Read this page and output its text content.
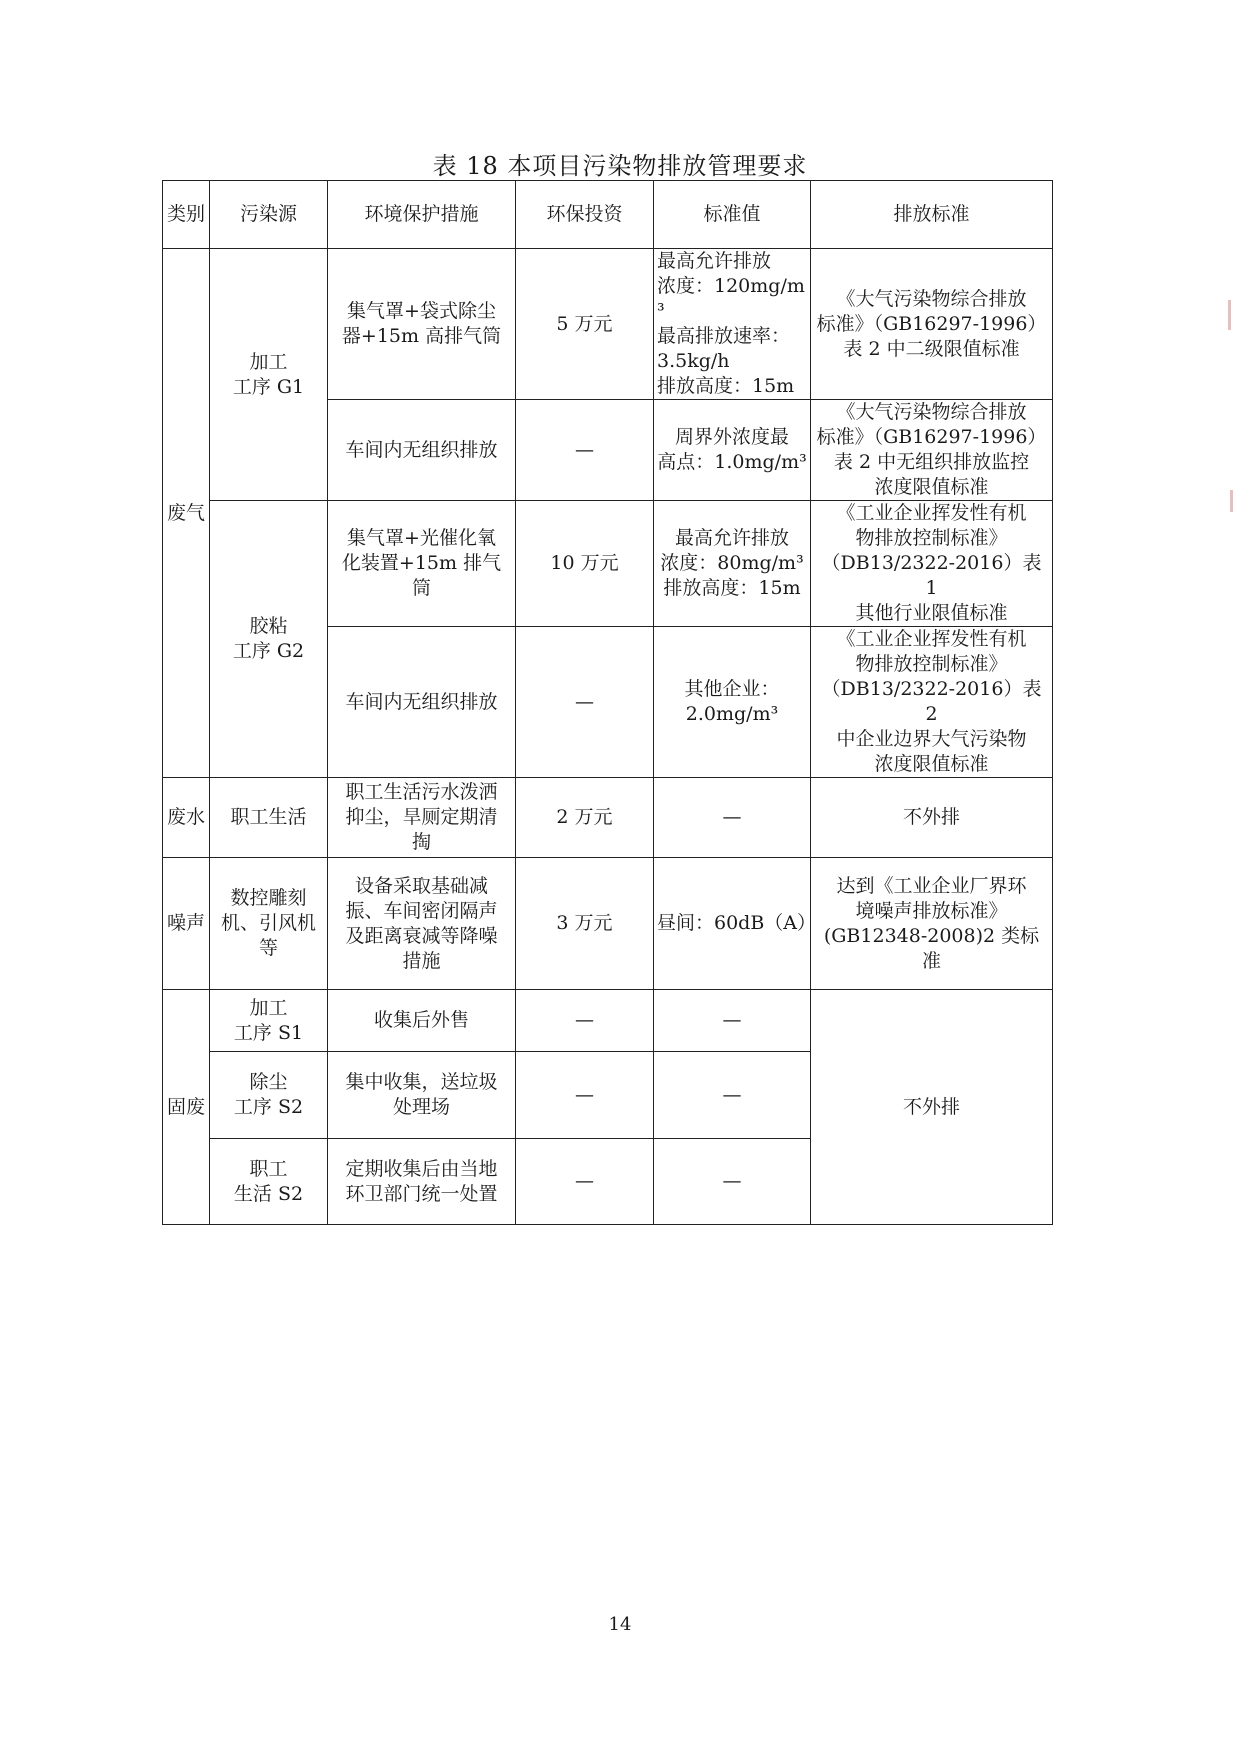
表 18 本项目污染物排放管理要求
类别	污染源	环境保护措施	环保投资	标准值	排放标准
废气	加工
工序 G1	集气罩+袋式除尘
器+15m 高排气筒	5 万元	最高允许排放
浓度：120mg/m³
最高排放速率：
3.5kg/h
排放高度：15m	《大气污染物综合排放
标准》（GB16297-1996）
表 2 中二级限值标准

		车间内无组织排放	—	周界外浓度最
高点：1.0mg/m³	《大气污染物综合排放
标准》（GB16297-1996）
表 2 中无组织排放监控
浓度限值标准

	胶粘
工序 G2	集气罩+光催化氧
化装置+15m 排气
筒	10 万元	最高允许排放
浓度：80mg/m³
排放高度：15m	《工业企业挥发性有机
物排放控制标准》
（DB13/2322-2016）表 1
其他行业限值标准

		车间内无组织排放	—	其他企业：
2.0mg/m³	《工业企业挥发性有机
物排放控制标准》
（DB13/2322-2016）表 2
中企业边界大气污染物
浓度限值标准

废水	职工生活	职工生活污水泼洒
抑尘，旱厕定期清
掏	2 万元	—	不外排
噪声	数控雕刻
机、引风机
等	设备采取基础减
振、车间密闭隔声
及距离衰减等降噪
措施	3 万元	昼间：60dB（A）	达到《工业企业厂界环
境噪声排放标准》
(GB12348-2008)2 类标
准

固废	加工
工序 S1	收集后外售	—	—	不外排

	除尘
工序 S2	集中收集，送垃圾
处理场	—	—	

	职工
生活 S2	定期收集后由当地
环卫部门统一处置	—	—	
14
